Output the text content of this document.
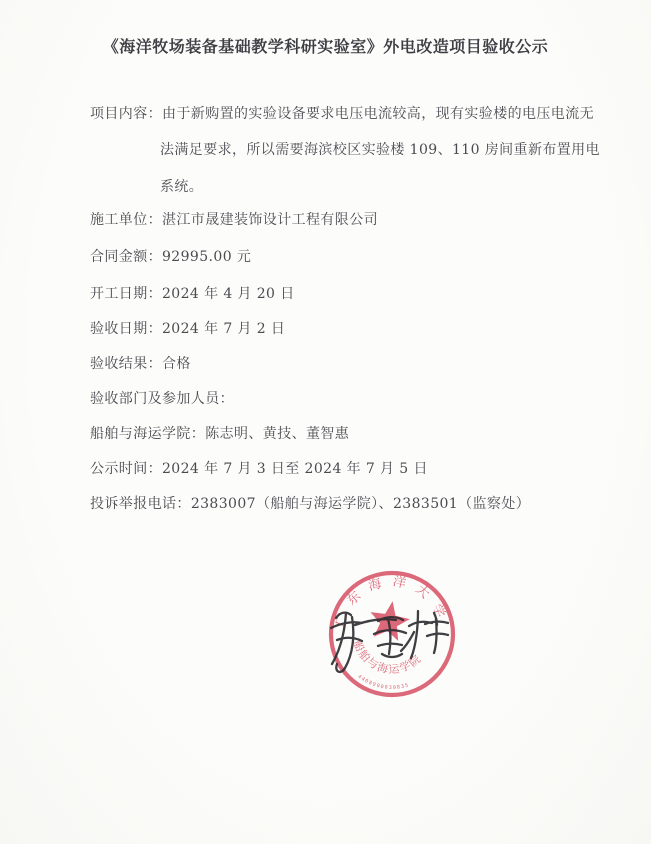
《海洋牧场装备基础教学科研实验室》外电改造项目验收公示
项目内容：由于新购置的实验设备要求电压电流较高，现有实验楼的电压电流无
法满足要求，所以需要海滨校区实验楼 109、110 房间重新布置用电
系统。
施工单位：湛江市晟建装饰设计工程有限公司
合同金额：92995.00 元
开工日期：2024 年 4 月 20 日
验收日期：2024 年 7 月 2 日
验收结果：合格
验收部门及参加人员：
船舶与海运学院：陈志明、黄技、董智惠
公示时间：2024 年 7 月 3 日至 2024 年 7 月 5 日
投诉举报电话：2383007（船舶与海运学院）、2383501（监察处）
广东海洋大学
船舶与海运学院
4408900030835
